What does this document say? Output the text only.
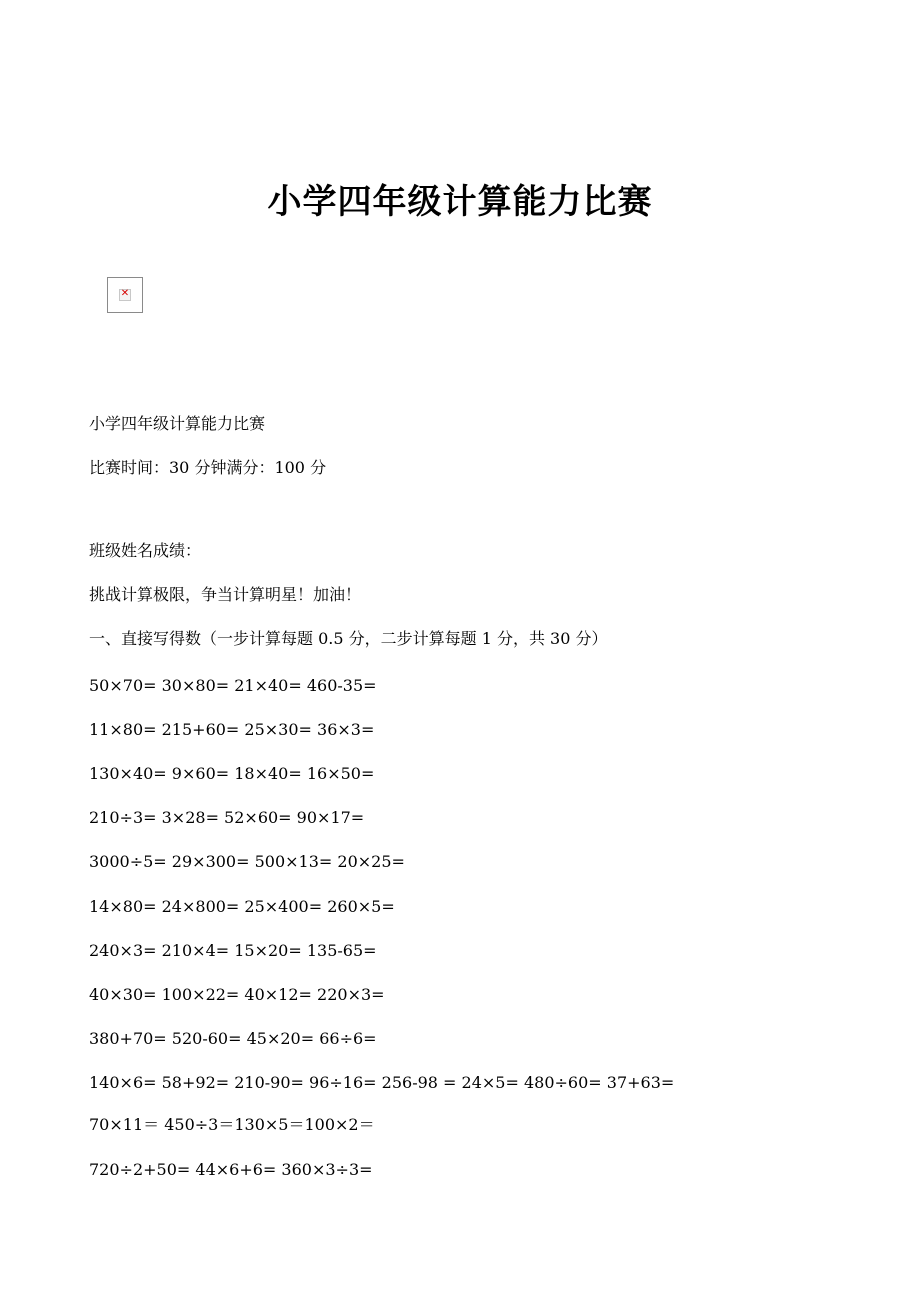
小学四年级计算能力比赛
✕

小学四年级计算能力比赛

比赛时间：30 分钟满分：100 分

班级姓名成绩：

挑战计算极限，争当计算明星！加油！

一、直接写得数（一步计算每题 0.5 分，二步计算每题 1 分，共 30 分）

50×70= 30×80= 21×40= 460-35=

11×80= 215+60= 25×30= 36×3=

130×40= 9×60= 18×40= 16×50=

210÷3= 3×28= 52×60= 90×17=

3000÷5= 29×300= 500×13= 20×25=

14×80= 24×800= 25×400= 260×5=

240×3= 210×4= 15×20= 135-65=

40×30= 100×22= 40×12= 220×3=

380+70= 520-60= 45×20= 66÷6=

140×6= 58+92= 210-90= 96÷16= 256-98 = 24×5= 480÷60= 37+63=

70×11＝ 450÷3＝130×5＝100×2＝

720÷2+50= 44×6+6= 360×3÷3=
